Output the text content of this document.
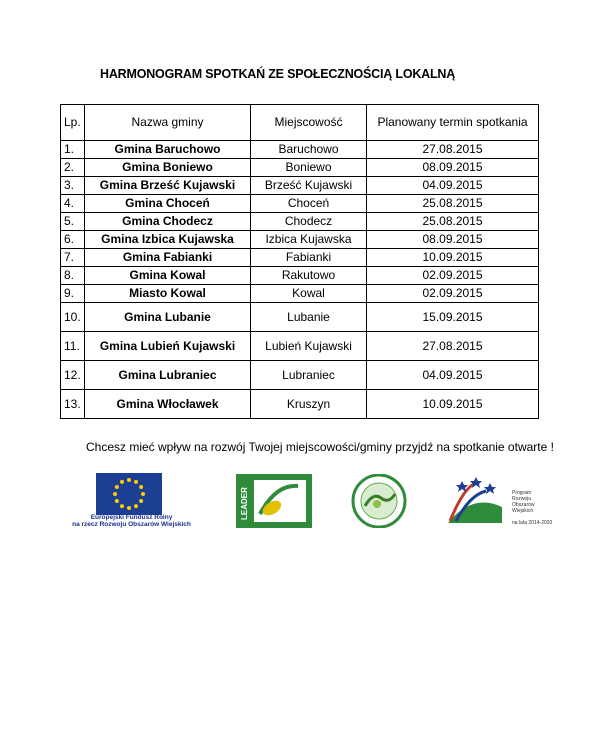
HARMONOGRAM SPOTKAŃ ZE SPOŁECZNOŚCIĄ LOKALNĄ
Lp.	Nazwa gminy	Miejscowość	Planowany termin spotkania
1.	Gmina Baruchowo	Baruchowo	27.08.2015
2.	Gmina Boniewo	Boniewo	08.09.2015
3.	Gmina Brześć Kujawski	Brześć Kujawski	04.09.2015
4.	Gmina Choceń	Choceń	25.08.2015
5.	Gmina Chodecz	Chodecz	25.08.2015
6.	Gmina Izbica Kujawska	Izbica Kujawska	08.09.2015
7.	Gmina Fabianki	Fabianki	10.09.2015
8.	Gmina Kowal	Rakutowo	02.09.2015
9.	Miasto Kowal	Kowal	02.09.2015
10.	Gmina Lubanie	Lubanie	15.09.2015
11.	Gmina Lubień Kujawski	Lubień Kujawski	27.08.2015
12.	Gmina Lubraniec	Lubraniec	04.09.2015
13.	Gmina Włocławek	Kruszyn	10.09.2015
Chcesz mieć wpływ na rozwój Twojej miejscowości/gminy przyjdź na spotkanie otwarte !
Europejski Fundusz Rolny
na rzecz Rozwoju Obszarów Wiejskich
LEADER	Program
Rozwoju
Obszarów
Wiejskich
na lata 2014-2020
